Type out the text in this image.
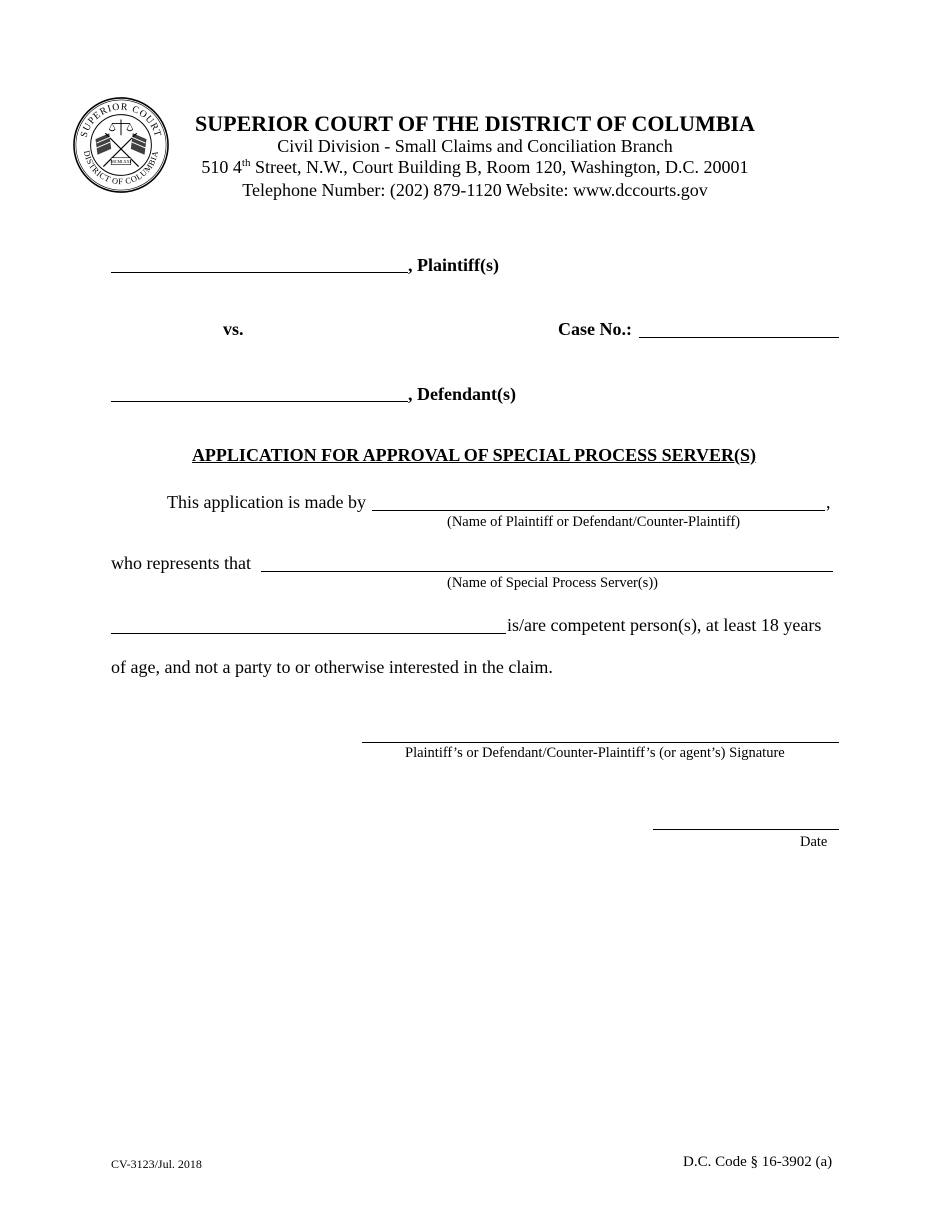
SUPERIOR COURT
DISTRICT OF COLUMBIA
MCMLXXI
SUPERIOR COURT OF THE DISTRICT OF COLUMBIA
Civil Division - Small Claims and Conciliation Branch
510 4th Street, N.W., Court Building B, Room 120, Washington, D.C. 20001
Telephone Number: (202) 879-1120 Website: www.dccourts.gov
, Plaintiff(s)
vs.	Case No.:
, Defendant(s)
APPLICATION FOR APPROVAL OF SPECIAL PROCESS SERVER(S)
This application is made by	,
(Name of Plaintiff or Defendant/Counter-Plaintiff)
who represents that
(Name of Special Process Server(s))
is/are competent person(s), at least 18 years
of age, and not a party to or otherwise interested in the claim.
Plaintiff’s or Defendant/Counter-Plaintiff’s (or agent’s) Signature
Date
CV-3123/Jul. 2018	D.C. Code § 16-3902 (a)
